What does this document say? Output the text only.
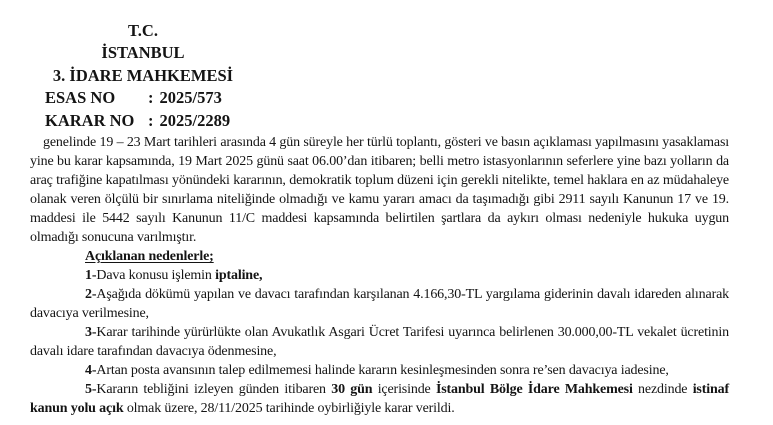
T.C.
İSTANBUL
3. İDARE MAHKEMESİ
ESAS NO	: 2025/573
KARAR NO : 2025/2289

genelinde 19 – 23 Mart tarihleri arasında 4 gün süreyle her türlü toplantı, gösteri ve basın açıklaması yapılmasını yasaklaması yine bu karar kapsamında, 19 Mart 2025 günü saat 06.00’dan itibaren; belli metro istasyonlarının seferlere yine bazı yolların da araç trafiğine kapatılması yönündeki kararının, demokratik toplum düzeni için gerekli nitelikte, temel haklara en az müdahaleye olanak veren ölçülü bir sınırlama niteliğinde olmadığı ve kamu yararı amacı da taşımadığı gibi 2911 sayılı Kanunun 17 ve 19. maddesi ile 5442 sayılı Kanunun 11/C maddesi kapsamında belirtilen şartlara da aykırı olması nedeniyle hukuka uygun olmadığı sonucuna varılmıştır.

Açıklanan nedenlerle;

1-Dava konusu işlemin iptaline,

2-Aşağıda dökümü yapılan ve davacı tarafından karşılanan 4.166,30-TL yargılama giderinin davalı idareden alınarak davacıya verilmesine,

3-Karar tarihinde yürürlükte olan Avukatlık Asgari Ücret Tarifesi uyarınca belirlenen 30.000,00-TL vekalet ücretinin davalı idare tarafından davacıya ödenmesine,

4-Artan posta avansının talep edilmemesi halinde kararın kesinleşmesinden sonra re’sen davacıya iadesine,

5-Kararın tebliğini izleyen günden itibaren 30 gün içerisinde İstanbul Bölge İdare Mahkemesi nezdinde istinaf kanun yolu açık olmak üzere, 28/11/2025 tarihinde oybirliğiyle karar verildi.
